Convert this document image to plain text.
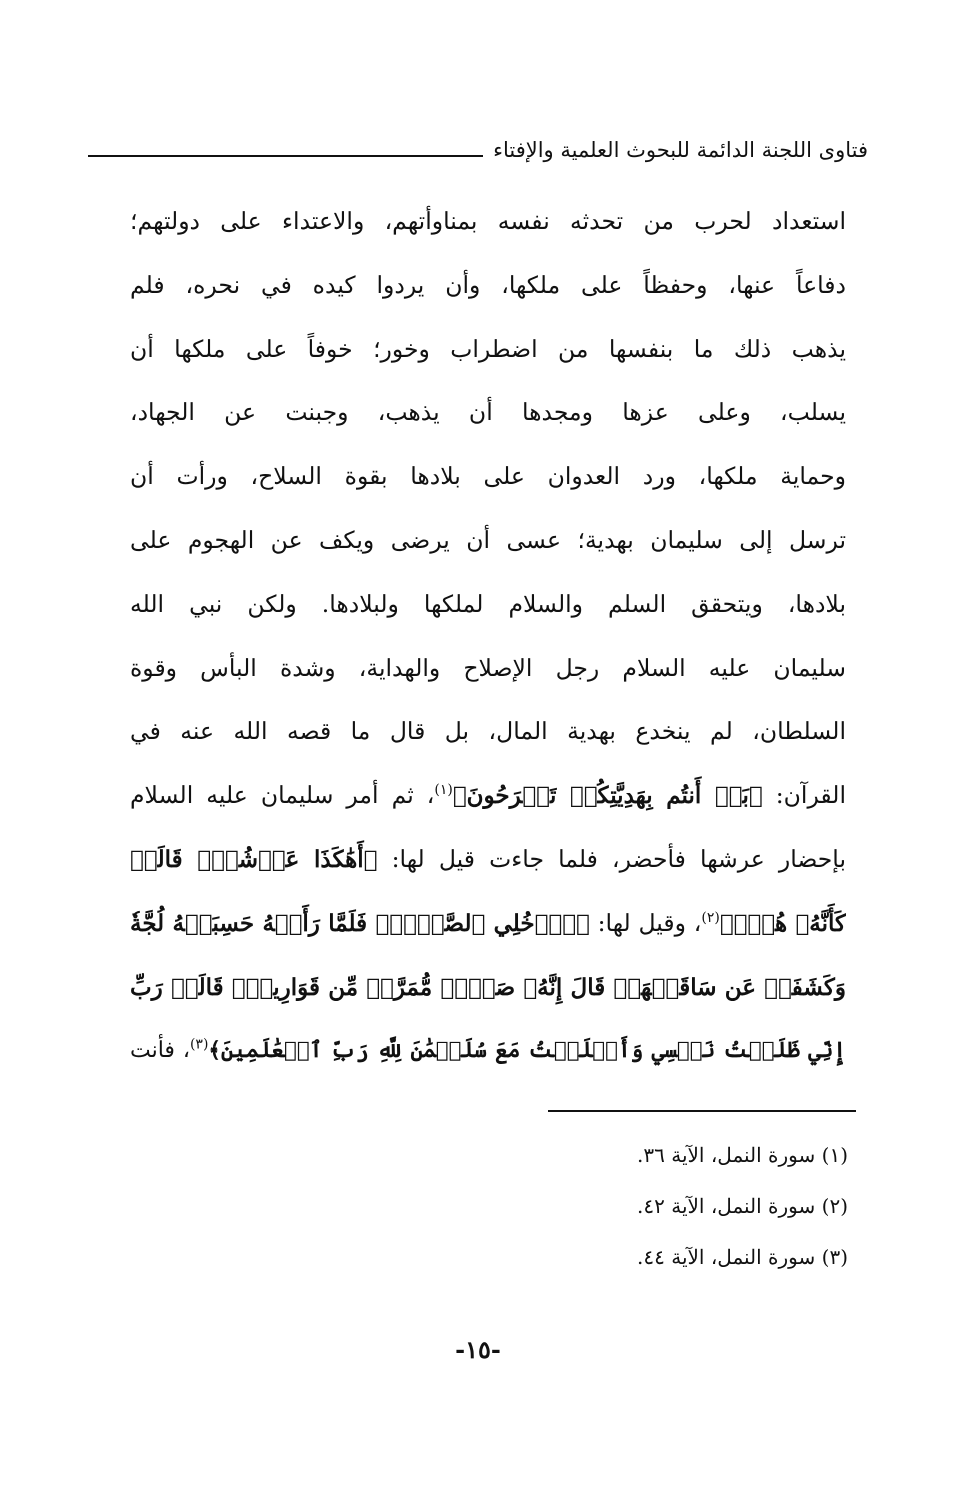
فتاوى اللجنة الدائمة للبحوث العلمية والإفتاء
استعداد لحرب من تحدثه نفسه بمناوأتهم، والاعتداء على دولتهم؛
دفاعاً عنها، وحفظاً على ملكها، وأن يردوا كيده في نحره، فلم
يذهب ذلك ما بنفسها من اضطراب وخور؛ خوفاً على ملكها أن
يسلب، وعلى عزها ومجدها أن يذهب، وجبنت عن الجهاد،
وحماية ملكها، ورد العدوان على بلادها بقوة السلاح، ورأت أن
ترسل إلى سليمان بهدية؛ عسى أن يرضى ويكف عن الهجوم على
بلادها، ويتحقق السلم والسلام لملكها ولبلادها. ولكن نبي الله
سليمان عليه السلام رجل الإصلاح والهداية، وشدة البأس وقوة
السلطان، لم ينخدع بهدية المال، بل قال ما قصه الله عنه في
القرآن: ﴿بَلۡ أَنتُم بِهَدِيَّتِكُمۡ تَفۡرَحُونَ﴾$^{(١)}$، ثم أمر سليمان عليه السلام
بإحضار عرشها فأحضر، فلما جاءت قيل لها: ﴿أَهَٰكَذَا عَرۡشُكِۖ قَالَتۡ
كَأَنَّهُۥ هُوَۚ﴾$^{(٢)}$، وقيل لها: ﴿ٱدۡخُلِي ٱلصَّرۡحَۖ فَلَمَّا رَأَتۡهُ حَسِبَتۡهُ لُجَّةٗ
وَكَشَفَتۡ عَن سَاقَيۡهَاۚ قَالَ إِنَّهُۥ صَرۡحٞ مُّمَرَّدٞ مِّن قَوَارِيرَۗ قَالَتۡ رَبِّ
إِنِّي ظَلَمۡتُ نَفۡسِي وَأَسۡلَمۡتُ مَعَ سُلَيۡمَٰنَ لِلَّهِ رَبِّ ٱلۡعَٰلَمِينَ﴾$^{(٣)}$، فأنت
(١) سورة النمل، الآية ٣٦.
(٢) سورة النمل، الآية ٤٢.
(٣) سورة النمل، الآية ٤٤.
-١٥-
